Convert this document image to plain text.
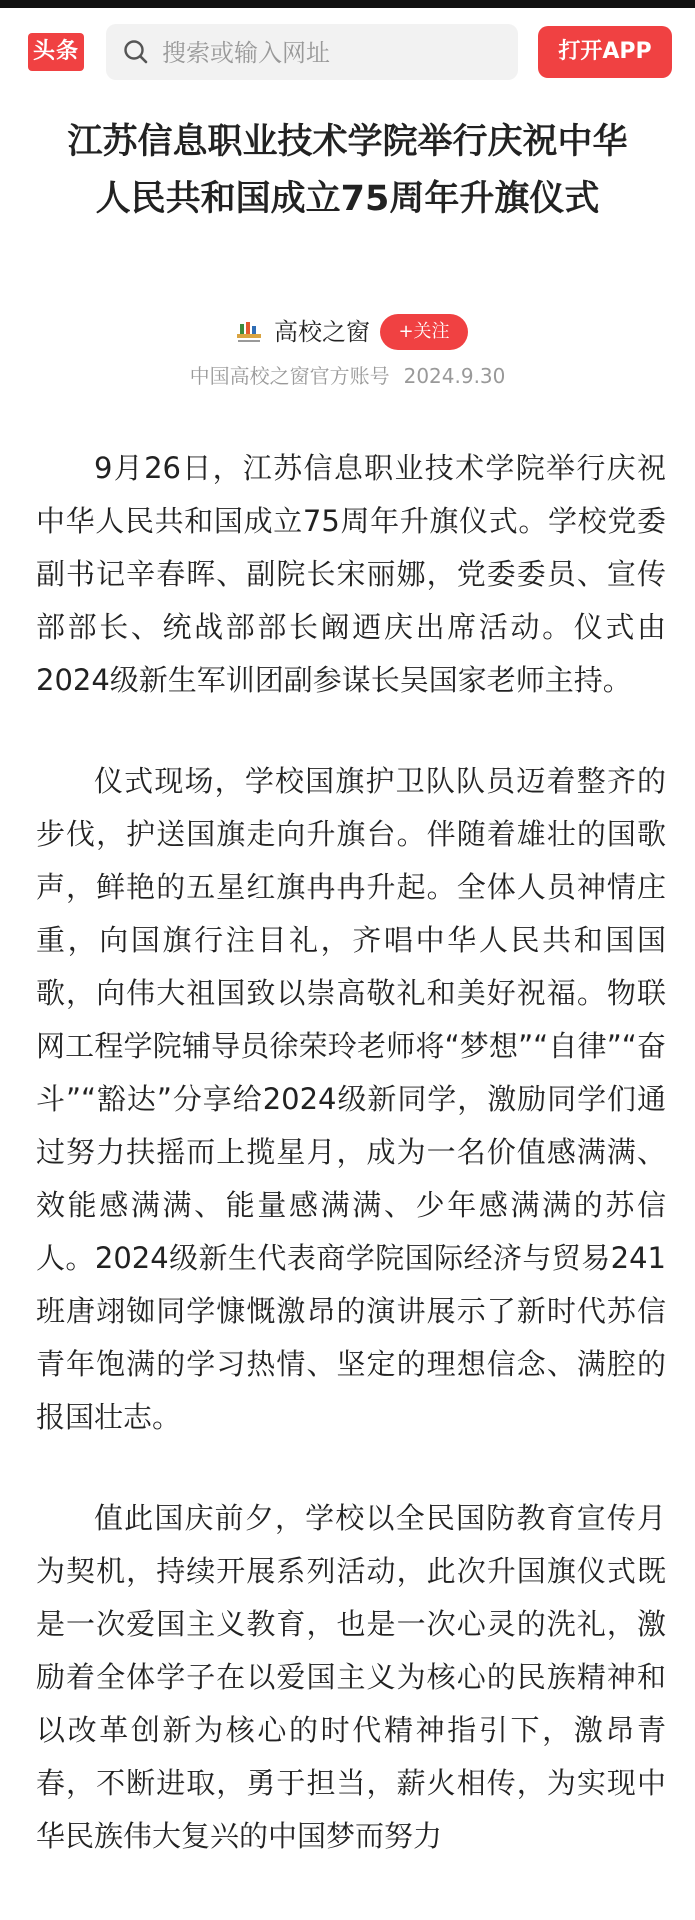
头条
搜索或输入网址	打开APP
江苏信息职业技术学院举行庆祝中华人民共和国成立75周年升旗仪式
高校之窗	+关注
中国高校之窗官方账号 2024.9.30

9月26日，江苏信息职业技术学院举行庆祝中华人民共和国成立75周年升旗仪式。学校党委副书记辛春晖、副院长宋丽娜，党委委员、宣传部部长、统战部部长阚迺庆出席活动。仪式由2024级新生军训团副参谋长吴国家老师主持。

仪式现场，学校国旗护卫队队员迈着整齐的步伐，护送国旗走向升旗台。伴随着雄壮的国歌声，鲜艳的五星红旗冉冉升起。全体人员神情庄重，向国旗行注目礼，齐唱中华人民共和国国歌，向伟大祖国致以崇高敬礼和美好祝福。物联网工程学院辅导员徐荣玲老师将“梦想”“自律”“奋斗”“豁达”分享给2024级新同学，激励同学们通过努力扶摇而上揽星月，成为一名价值感满满、效能感满满、能量感满满、少年感满满的苏信人。2024级新生代表商学院国际经济与贸易241班唐翊铷同学慷慨激昂的演讲展示了新时代苏信青年饱满的学习热情、坚定的理想信念、满腔的报国壮志。

值此国庆前夕，学校以全民国防教育宣传月为契机，持续开展系列活动，此次升国旗仪式既是一次爱国主义教育，也是一次心灵的洗礼，激励着全体学子在以爱国主义为核心的民族精神和以改革创新为核心的时代精神指引下，激昂青春，不断进取，勇于担当，薪火相传，为实现中华民族伟大复兴的中国梦而努力
